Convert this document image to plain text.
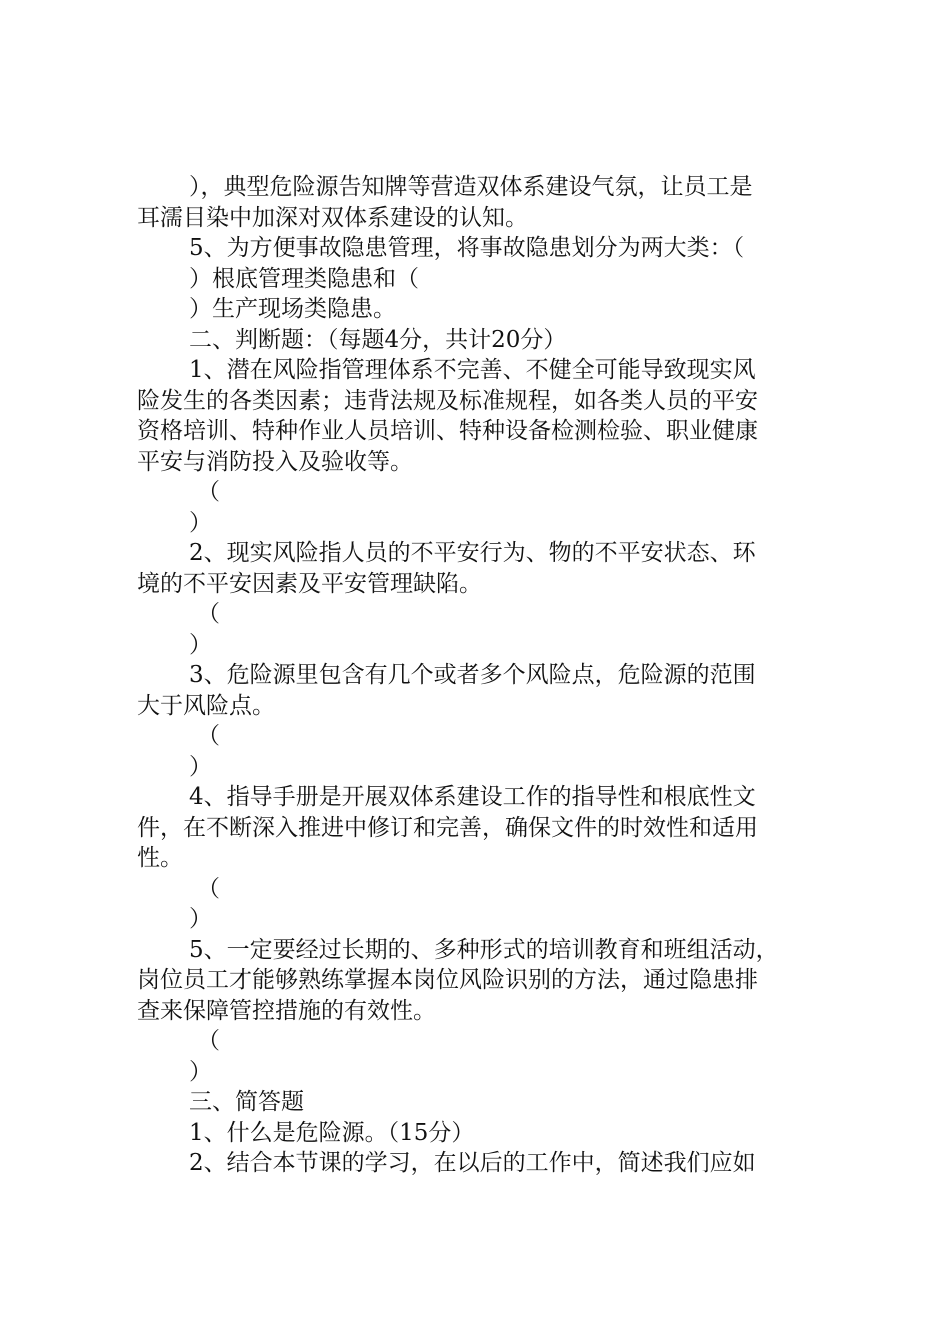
），典型危险源告知牌等营造双体系建设气氛，让员工是
耳濡目染中加深对双体系建设的认知。
5、为方便事故隐患管理，将事故隐患划分为两大类：（
）根底管理类隐患和（
）生产现场类隐患。
二、判断题：（每题4分，共计20分）
1、潜在风险指管理体系不完善、不健全可能导致现实风
险发生的各类因素；违背法规及标准规程，如各类人员的平安
资格培训、特种作业人员培训、特种设备检测检验、职业健康
平安与消防投入及验收等。
（
）
2、现实风险指人员的不平安行为、物的不平安状态、环
境的不平安因素及平安管理缺陷。
（
）
3、危险源里包含有几个或者多个风险点，危险源的范围
大于风险点。
（
）
4、指导手册是开展双体系建设工作的指导性和根底性文
件，在不断深入推进中修订和完善，确保文件的时效性和适用
性。
（
）
5、一定要经过长期的、多种形式的培训教育和班组活动，
岗位员工才能够熟练掌握本岗位风险识别的方法，通过隐患排
查来保障管控措施的有效性。
（
）
三、简答题
1、什么是危险源。（15分）
2、结合本节课的学习，在以后的工作中，简述我们应如
